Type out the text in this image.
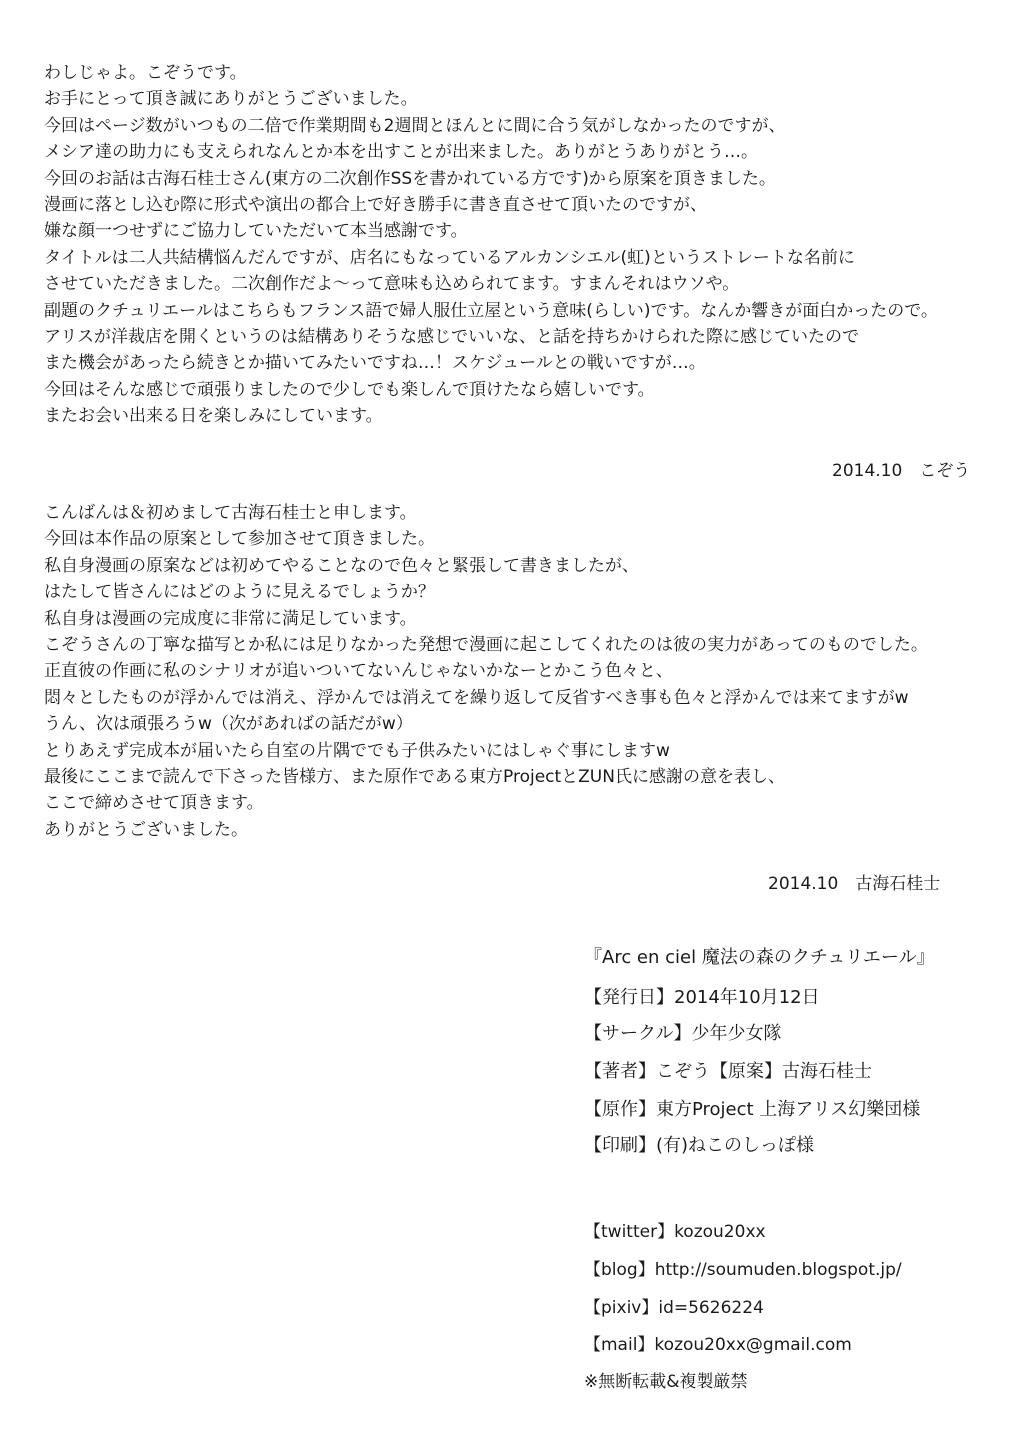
わしじゃよ。こぞうです。
お手にとって頂き誠にありがとうございました。
今回はページ数がいつもの二倍で作業期間も2週間とほんとに間に合う気がしなかったのですが、
メシア達の助力にも支えられなんとか本を出すことが出来ました。ありがとうありがとう…。
今回のお話は古海石桂士さん(東方の二次創作SSを書かれている方です)から原案を頂きました。
漫画に落とし込む際に形式や演出の都合上で好き勝手に書き直させて頂いたのですが、
嫌な顔一つせずにご協力していただいて本当感謝です。
タイトルは二人共結構悩んだんですが、店名にもなっているアルカンシエル(虹)というストレートな名前に
させていただきました。二次創作だよ～って意味も込められてます。すまんそれはウソや。
副題のクチュリエールはこちらもフランス語で婦人服仕立屋という意味(らしい)です。なんか響きが面白かったので。
アリスが洋裁店を開くというのは結構ありそうな感じでいいな、と話を持ちかけられた際に感じていたので
また機会があったら続きとか描いてみたいですね…！スケジュールとの戦いですが…。
今回はそんな感じで頑張りましたので少しでも楽しんで頂けたなら嬉しいです。
またお会い出来る日を楽しみにしています。
2014.10　こぞう
こんばんは＆初めまして古海石桂士と申します。
今回は本作品の原案として参加させて頂きました。
私自身漫画の原案などは初めてやることなので色々と緊張して書きましたが、
はたして皆さんにはどのように見えるでしょうか？
私自身は漫画の完成度に非常に満足しています。
こぞうさんの丁寧な描写とか私には足りなかった発想で漫画に起こしてくれたのは彼の実力があってのものでした。
正直彼の作画に私のシナリオが追いついてないんじゃないかなーとかこう色々と、
悶々としたものが浮かんでは消え、浮かんでは消えてを繰り返して反省すべき事も色々と浮かんでは来てますがw
うん、次は頑張ろうw（次があればの話だがw）
とりあえず完成本が届いたら自室の片隅ででも子供みたいにはしゃぐ事にしますw
最後にここまで読んで下さった皆様方、また原作である東方ProjectとZUN氏に感謝の意を表し、
ここで締めさせて頂きます。
ありがとうございました。
2014.10　古海石桂士
『Arc en ciel 魔法の森のクチュリエール』
【発行日】2014年10月12日
【サークル】少年少女隊
【著者】こぞう【原案】古海石桂士
【原作】東方Project 上海アリス幻樂団様
【印刷】(有)ねこのしっぽ様
【twitter】kozou20xx
【blog】http://soumuden.blogspot.jp/
【pixiv】id=5626224
【mail】kozou20xx@gmail.com
※無断転載&複製厳禁
